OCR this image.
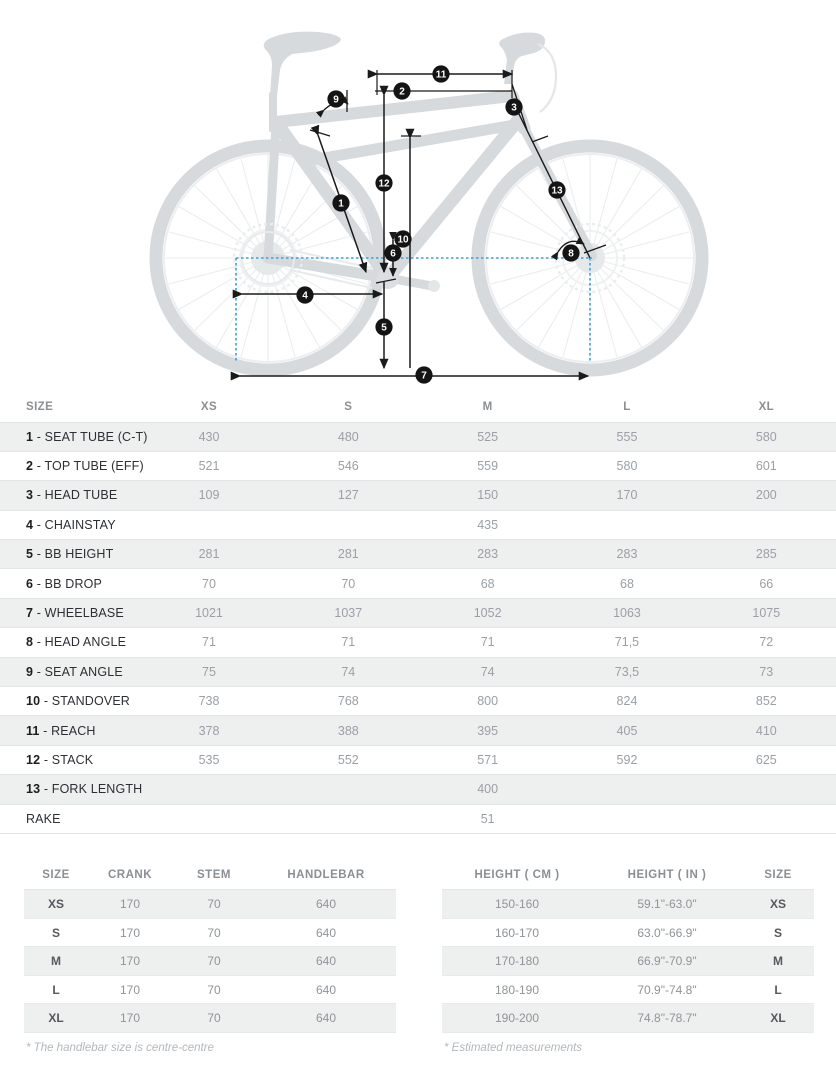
1
2
3
4
5
6
7
8
9
10
11
12
13
SIZE	XS	S	M	L	XL
1 - SEAT TUBE (C-T)	430	480	525	555	580
2 - TOP TUBE (EFF)	521	546	559	580	601
3 - HEAD TUBE	109	127	150	170	200
4 - CHAINSTAY			435		
5 - BB HEIGHT	281	281	283	283	285
6 - BB DROP	70	70	68	68	66
7 - WHEELBASE	1021	1037	1052	1063	1075
8 - HEAD ANGLE	71	71	71	71,5	72
9 - SEAT ANGLE	75	74	74	73,5	73
10 - STANDOVER	738	768	800	824	852
11 - REACH	378	388	395	405	410
12 - STACK	535	552	571	592	625
13 - FORK LENGTH			400		
RAKE			51		
SIZE	CRANK	STEM	HANDLEBAR
XS	170	70	640
S	170	70	640
M	170	70	640
L	170	70	640
XL	170	70	640
* The handlebar size is centre-centre
HEIGHT ( CM )	HEIGHT ( IN )	SIZE
150-160	59.1"-63.0"	XS
160-170	63.0"-66.9"	S
170-180	66.9"-70.9"	M
180-190	70.9"-74.8"	L
190-200	74.8"-78.7"	XL
* Estimated measurements
